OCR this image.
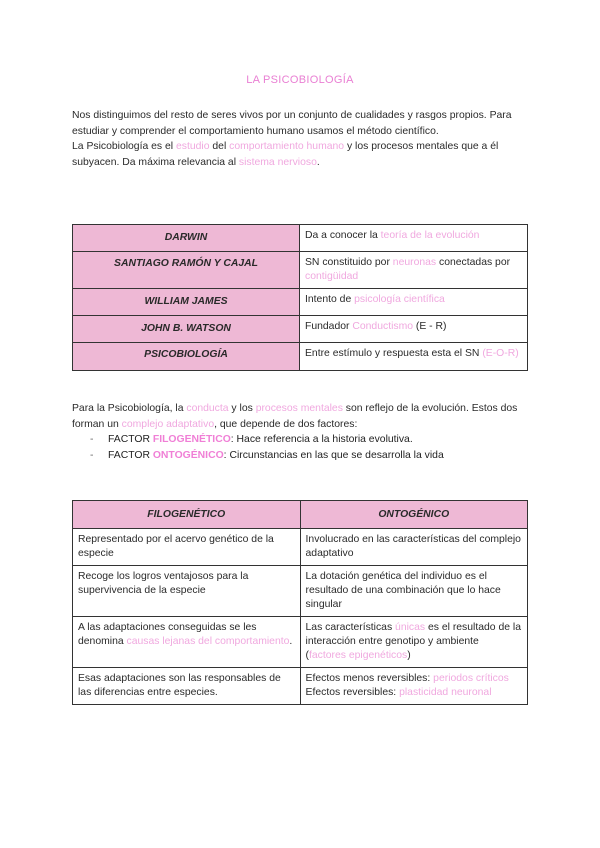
LA PSICOBIOLOGÍA
Nos distinguimos del resto de seres vivos por un conjunto de cualidades y rasgos propios. Para estudiar y comprender el comportamiento humano usamos el método científico.
La Psicobiología es el estudio del comportamiento humano y los procesos mentales que a él subyacen. Da máxima relevancia al sistema nervioso.
DARWIN	Da a conocer la teoría de la evolución
SANTIAGO RAMÓN Y CAJAL	SN constituido por neuronas conectadas por contigüidad
WILLIAM JAMES	Intento de psicología científica
JOHN B. WATSON	Fundador Conductismo (E - R)
PSICOBIOLOGÍA	Entre estímulo y respuesta esta el SN (E-O-R)
Para la Psicobiología, la conducta y los procesos mentales son reflejo de la evolución. Estos dos forman un complejo adaptativo, que depende de dos factores:
- FACTOR FILOGENÉTICO: Hace referencia a la historia evolutiva.
- FACTOR ONTOGÉNICO: Circunstancias en las que se desarrolla la vida
FILOGENÉTICO	ONTOGÉNICO
Representado por el acervo genético de la especie	Involucrado en las características del complejo adaptativo
Recoge los logros ventajosos para la supervivencia de la especie	La dotación genética del individuo es el resultado de una combinación que lo hace singular
A las adaptaciones conseguidas se les denomina causas lejanas del comportamiento.	Las características únicas es el resultado de la interacción entre genotipo y ambiente (factores epigenéticos)
Esas adaptaciones son las responsables de las diferencias entre especies.	Efectos menos reversibles: periodos críticos
Efectos reversibles: plasticidad neuronal
